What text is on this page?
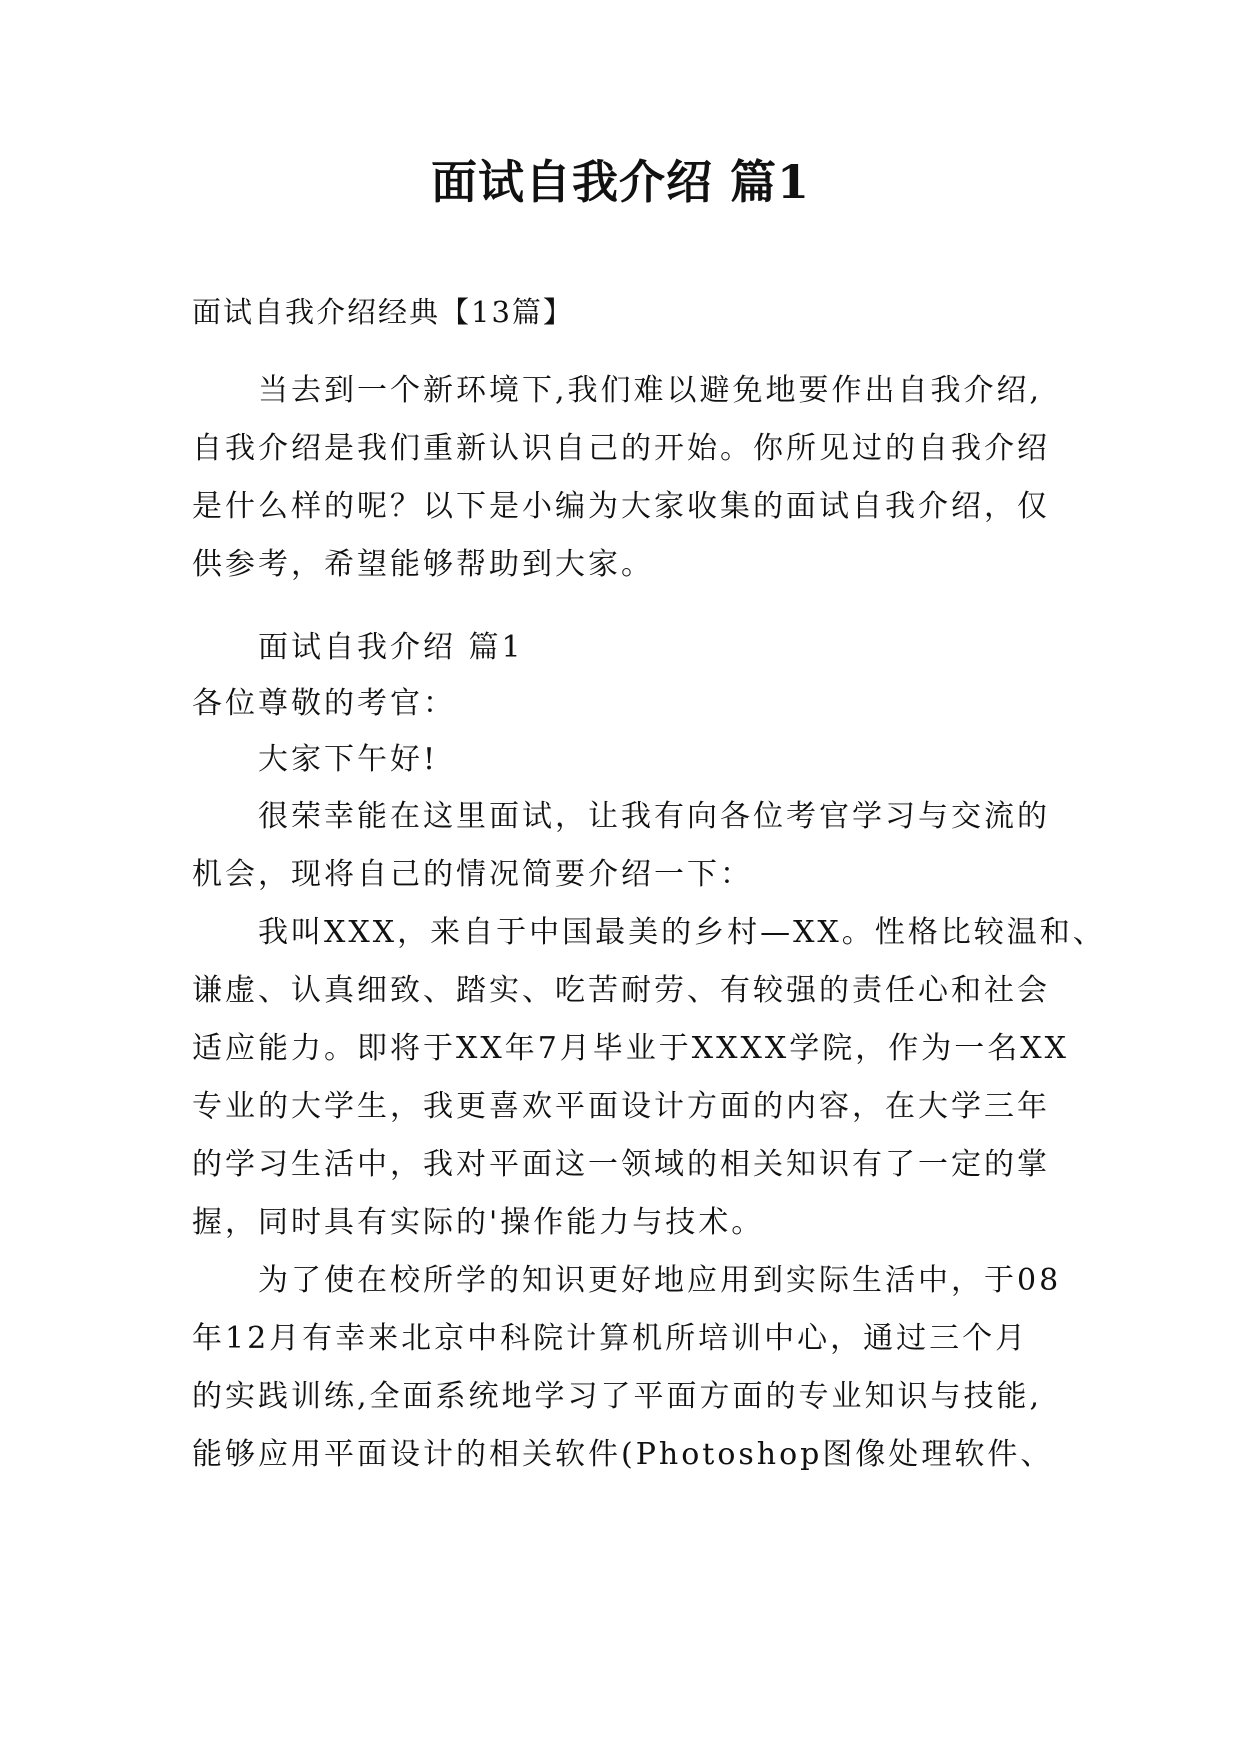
面试自我介绍 篇1
面试自我介绍经典【13篇】
当去到一个新环境下,我们难以避免地要作出自我介绍,
自我介绍是我们重新认识自己的开始。你所见过的自我介绍
是什么样的呢？以下是小编为大家收集的面试自我介绍，仅
供参考，希望能够帮助到大家。
面试自我介绍 篇1
各位尊敬的考官：
大家下午好!
很荣幸能在这里面试，让我有向各位考官学习与交流的
机会，现将自己的情况简要介绍一下：
我叫XXX，来自于中国最美的乡村—XX。性格比较温和、
谦虚、认真细致、踏实、吃苦耐劳、有较强的责任心和社会
适应能力。即将于XX年7月毕业于XXXX学院，作为一名XX
专业的大学生，我更喜欢平面设计方面的内容，在大学三年
的学习生活中，我对平面这一领域的相关知识有了一定的掌
握，同时具有实际的'操作能力与技术。
为了使在校所学的知识更好地应用到实际生活中，于08
年12月有幸来北京中科院计算机所培训中心，通过三个月
的实践训练,全面系统地学习了平面方面的专业知识与技能,
能够应用平面设计的相关软件(Photoshop图像处理软件、
